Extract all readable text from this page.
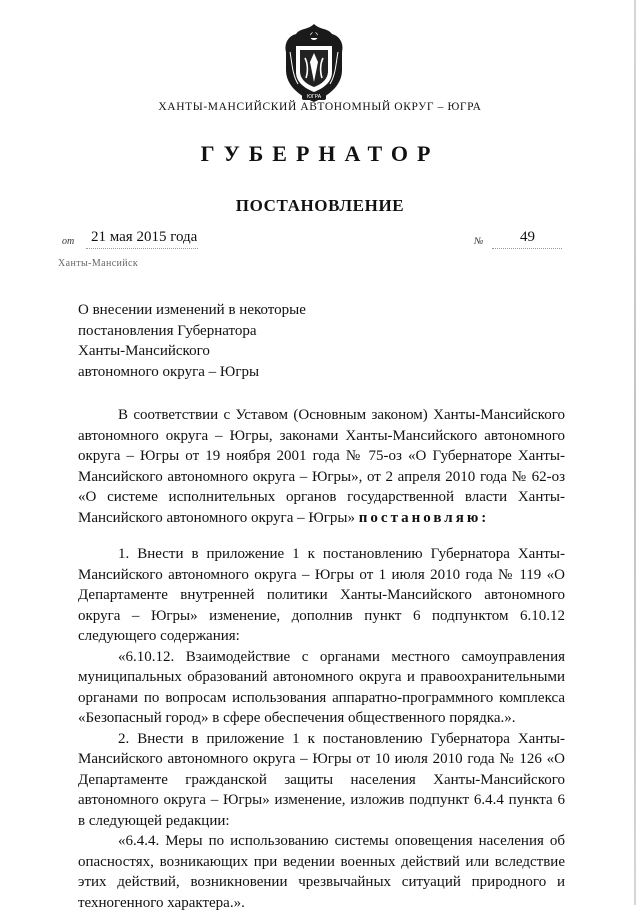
ЮГРА
ХАНТЫ-МАНСИЙСКИЙ АВТОНОМНЫЙ ОКРУГ – ЮГРА
ГУБЕРНАТОР
ПОСТАНОВЛЕНИЕ
от 21 мая 2015 года	№ 49
Ханты-Мансийск
О внесении изменений в некоторые
постановления Губернатора
Ханты-Мансийского
автономного округа – Югры

В соответствии с Уставом (Основным законом) Ханты-Мансийского автономного округа – Югры, законами Ханты-Мансийского автономного округа – Югры от 19 ноября 2001 года № 75-оз «О Губернаторе Ханты-Мансийского автономного округа – Югры», от 2 апреля 2010 года № 62-оз «О системе исполнительных органов государственной власти Ханты-Мансийского автономного округа – Югры» постановляю:

1. Внести в приложение 1 к постановлению Губернатора Ханты-Мансийского автономного округа – Югры от 1 июля 2010 года № 119 «О Департаменте внутренней политики Ханты-Мансийского автономного округа – Югры» изменение, дополнив пункт 6 подпунктом 6.10.12 следующего содержания:

«6.10.12. Взаимодействие с органами местного самоуправления муниципальных образований автономного округа и правоохранительными органами по вопросам использования аппаратно-программного комплекса «Безопасный город» в сфере обеспечения общественного порядка.».

2. Внести в приложение 1 к постановлению Губернатора Ханты-Мансийского автономного округа – Югры от 10 июля 2010 года № 126 «О Департаменте гражданской защиты населения Ханты-Мансийского автономного округа – Югры» изменение, изложив подпункт 6.4.4 пункта 6 в следующей редакции:

«6.4.4. Меры по использованию системы оповещения населения об опасностях, возникающих при ведении военных действий или вследствие этих действий, возникновении чрезвычайных ситуаций природного и техногенного характера.».
